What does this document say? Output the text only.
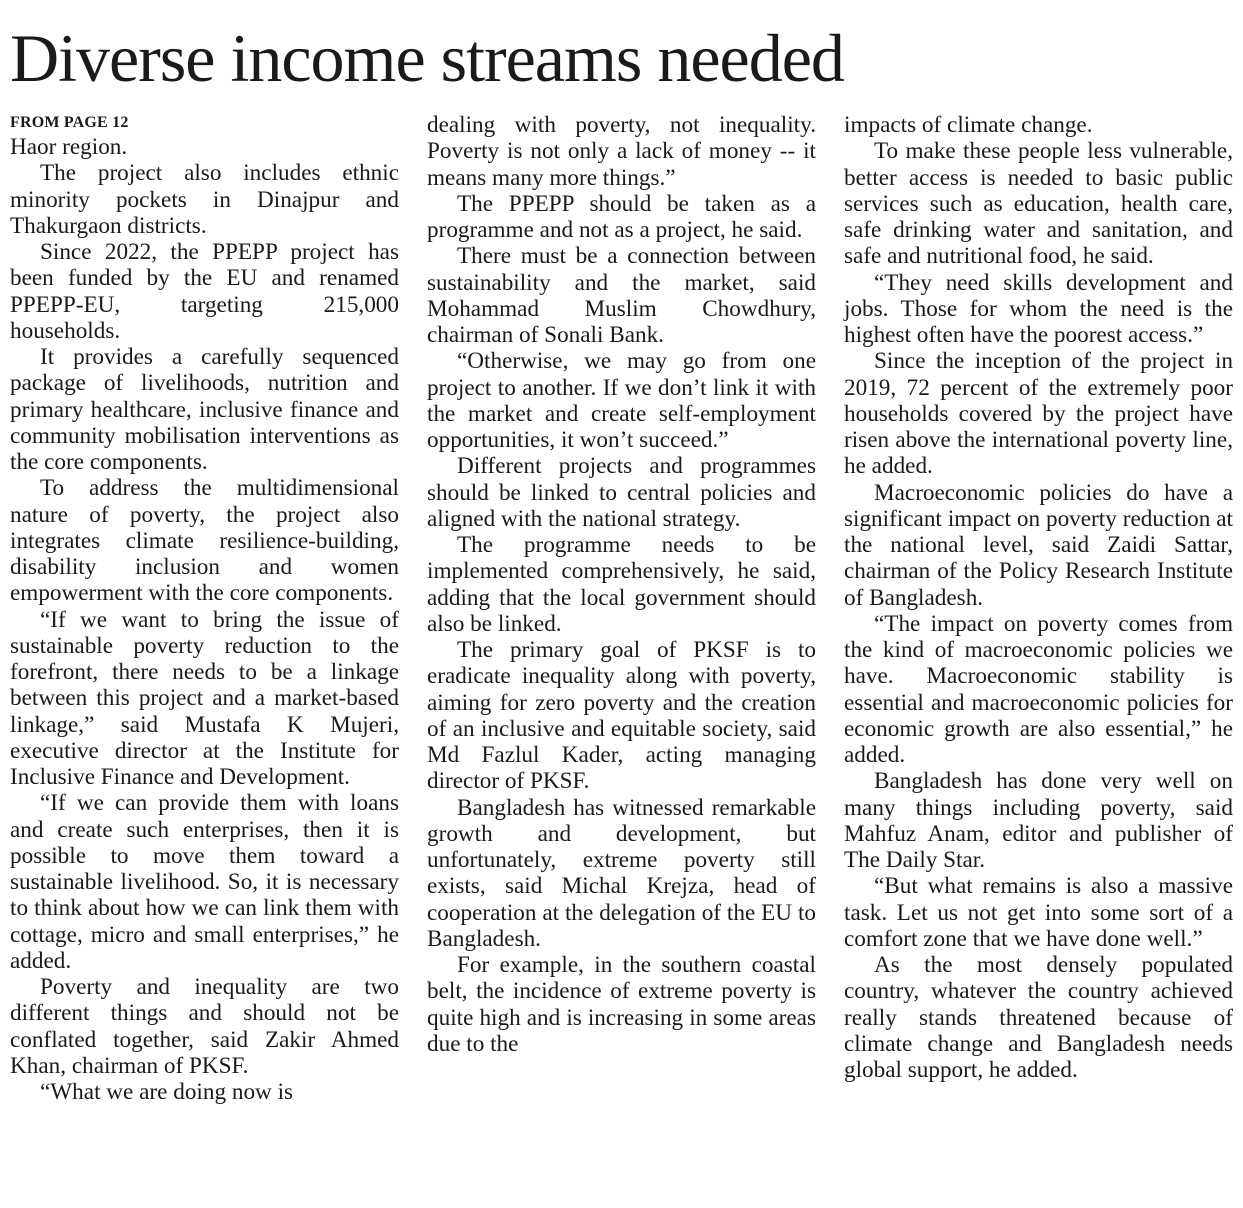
Diverse income streams needed
FROM PAGE 12

Haor region.

The project also includes ethnic minority pockets in Dinajpur and Thakurgaon districts.

Since 2022, the PPEPP project has been funded by the EU and renamed PPEPP-EU, targeting 215,000 households.

It provides a carefully sequenced package of livelihoods, nutrition and primary healthcare, inclusive finance and community mobilisation interventions as the core components.

To address the multidimensional nature of poverty, the project also integrates climate resilience-building, disability inclusion and women empowerment with the core components.

“If we want to bring the issue of sustainable poverty reduction to the forefront, there needs to be a linkage between this project and a market-based linkage,” said Mustafa K Mujeri, executive director at the Institute for Inclusive Finance and Development.

“If we can provide them with loans and create such enterprises, then it is possible to move them toward a sustainable livelihood. So, it is necessary to think about how we can link them with cottage, micro and small enterprises,” he added.

Poverty and inequality are two different things and should not be conflated together, said Zakir Ahmed Khan, chairman of PKSF.

“What we are doing now is

dealing with poverty, not inequality. Poverty is not only a lack of money -- it means many more things.”

The PPEPP should be taken as a programme and not as a project, he said.

There must be a connection between sustainability and the market, said Mohammad Muslim Chowdhury, chairman of Sonali Bank.

“Otherwise, we may go from one project to another. If we don’t link it with the market and create self-employment opportunities, it won’t succeed.”

Different projects and programmes should be linked to central policies and aligned with the national strategy.

The programme needs to be implemented comprehensively, he said, adding that the local government should also be linked.

The primary goal of PKSF is to eradicate inequality along with poverty, aiming for zero poverty and the creation of an inclusive and equitable society, said Md Fazlul Kader, acting managing director of PKSF.

Bangladesh has witnessed remarkable growth and development, but unfortunately, extreme poverty still exists, said Michal Krejza, head of cooperation at the delegation of the EU to Bangladesh.

For example, in the southern coastal belt, the incidence of extreme poverty is quite high and is increasing in some areas due to the

impacts of climate change.

To make these people less vulnerable, better access is needed to basic public services such as education, health care, safe drinking water and sanitation, and safe and nutritional food, he said.

“They need skills development and jobs. Those for whom the need is the highest often have the poorest access.”

Since the inception of the project in 2019, 72 percent of the extremely poor households covered by the project have risen above the international poverty line, he added.

Macroeconomic policies do have a significant impact on poverty reduction at the national level, said Zaidi Sattar, chairman of the Policy Research Institute of Bangladesh.

“The impact on poverty comes from the kind of macroeconomic policies we have. Macroeconomic stability is essential and macroeconomic policies for economic growth are also essential,” he added.

Bangladesh has done very well on many things including poverty, said Mahfuz Anam, editor and publisher of The Daily Star.

“But what remains is also a massive task. Let us not get into some sort of a comfort zone that we have done well.”

As the most densely populated country, whatever the country achieved really stands threatened because of climate change and Bangladesh needs global support, he added.
